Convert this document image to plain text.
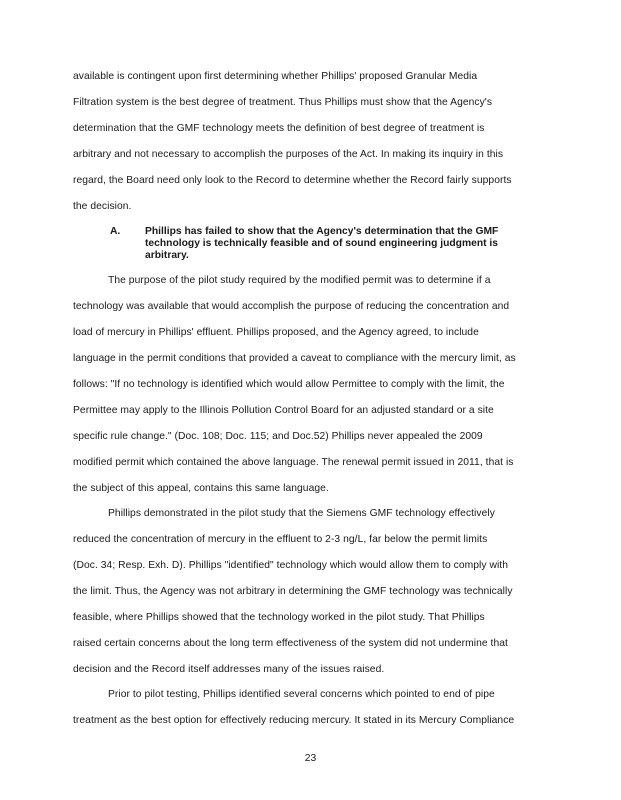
available is contingent upon first determining whether Phillips' proposed Granular Media
Filtration system is the best degree of treatment. Thus Phillips must show that the Agency's
determination that the GMF technology meets the definition of best degree of treatment is
arbitrary and not necessary to accomplish the purposes of the Act. In making its inquiry in this
regard, the Board need only look to the Record to determine whether the Record fairly supports
the decision.
A. Phillips has failed to show that the Agency's determination that the GMF
technology is technically feasible and of sound engineering judgment is
arbitrary.
The purpose of the pilot study required by the modified permit was to determine if a
technology was available that would accomplish the purpose of reducing the concentration and
load of mercury in Phillips' effluent. Phillips proposed, and the Agency agreed, to include
language in the permit conditions that provided a caveat to compliance with the mercury limit, as
follows: "If no technology is identified which would allow Permittee to comply with the limit, the
Permittee may apply to the Illinois Pollution Control Board for an adjusted standard or a site
specific rule change." (Doc. 108; Doc. 115; and Doc.52) Phillips never appealed the 2009
modified permit which contained the above language. The renewal permit issued in 2011, that is
the subject of this appeal, contains this same language.
Phillips demonstrated in the pilot study that the Siemens GMF technology effectively
reduced the concentration of mercury in the effluent to 2-3 ng/L, far below the permit limits
(Doc. 34; Resp. Exh. D). Phillips "identified" technology which would allow them to comply with
the limit. Thus, the Agency was not arbitrary in determining the GMF technology was technically
feasible, where Phillips showed that the technology worked in the pilot study. That Phillips
raised certain concerns about the long term effectiveness of the system did not undermine that
decision and the Record itself addresses many of the issues raised.
Prior to pilot testing, Phillips identified several concerns which pointed to end of pipe
treatment as the best option for effectively reducing mercury. It stated in its Mercury Compliance
23
